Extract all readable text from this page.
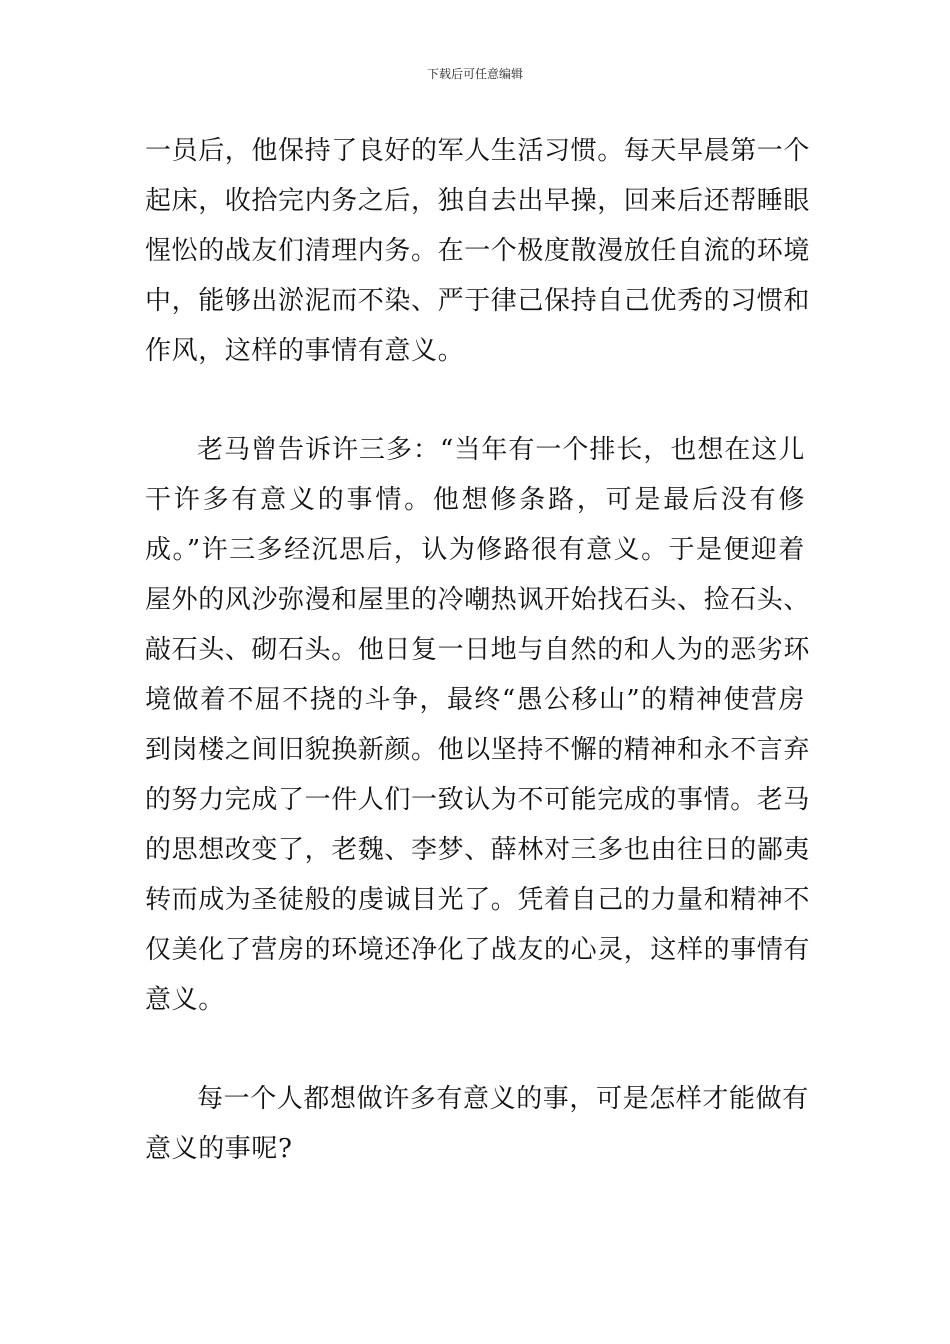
下载后可任意编辑
一员后，他保持了良好的军人生活习惯。每天早晨第一个
起床，收拾完内务之后，独自去出早操，回来后还帮睡眼
惺忪的战友们清理内务。在一个极度散漫放任自流的环境
中，能够出淤泥而不染、严于律己保持自己优秀的习惯和
作风，这样的事情有意义。
老马曾告诉许三多：“当年有一个排长，也想在这儿
干许多有意义的事情。他想修条路，可是最后没有修
成。”许三多经沉思后，认为修路很有意义。于是便迎着
屋外的风沙弥漫和屋里的冷嘲热讽开始找石头、捡石头、
敲石头、砌石头。他日复一日地与自然的和人为的恶劣环
境做着不屈不挠的斗争，最终“愚公移山”的精神使营房
到岗楼之间旧貌换新颜。他以坚持不懈的精神和永不言弃
的努力完成了一件人们一致认为不可能完成的事情。老马
的思想改变了，老魏、李梦、薛林对三多也由往日的鄙夷
转而成为圣徒般的虔诚目光了。凭着自己的力量和精神不
仅美化了营房的环境还净化了战友的心灵，这样的事情有
意义。
每一个人都想做许多有意义的事，可是怎样才能做有
意义的事呢?
